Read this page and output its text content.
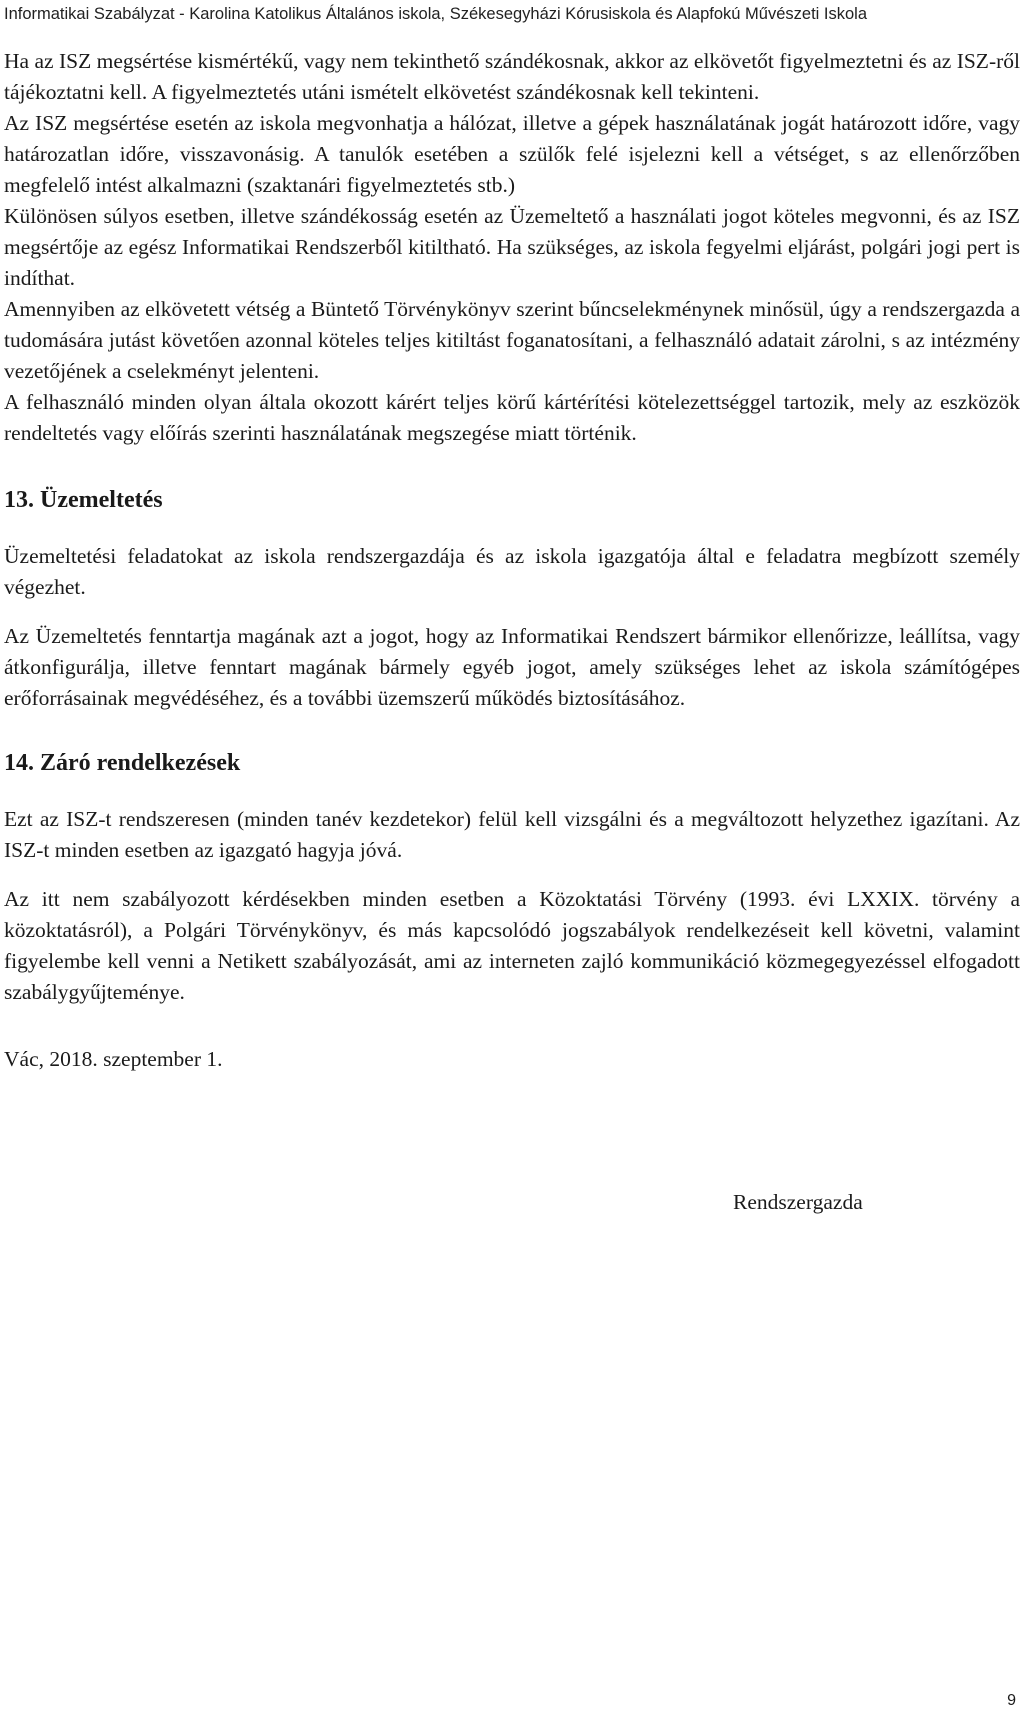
Informatikai Szabályzat - Karolina Katolikus Általános iskola, Székesegyházi Kórusiskola és Alapfokú Művészeti Iskola

Ha az ISZ megsértése kismértékű, vagy nem tekinthető szándékosnak, akkor az elkövetőt figyelmeztetni és az ISZ-ről tájékoztatni kell. A figyelmeztetés utáni ismételt elkövetést szándékosnak kell tekinteni.

Az ISZ megsértése esetén az iskola megvonhatja a hálózat, illetve a gépek használatának jogát határozott időre, vagy határozatlan időre, visszavonásig. A tanulók esetében a szülők felé isjelezni kell a vétséget, s az ellenőrzőben megfelelő intést alkalmazni (szaktanári figyelmeztetés stb.)

Különösen súlyos esetben, illetve szándékosság esetén az Üzemeltető a használati jogot köteles megvonni, és az ISZ megsértője az egész Informatikai Rendszerből kitiltható. Ha szükséges, az iskola fegyelmi eljárást, polgári jogi pert is indíthat.

Amennyiben az elkövetett vétség a Büntető Törvénykönyv szerint bűncselekménynek minősül, úgy a rendszergazda a tudomására jutást követően azonnal köteles teljes kitiltást foganatosítani, a felhasználó adatait zárolni, s az intézmény vezetőjének a cselekményt jelenteni.

A felhasználó minden olyan általa okozott kárért teljes körű kártérítési kötelezettséggel tartozik, mely az eszközök rendeltetés vagy előírás szerinti használatának megszegése miatt történik.

13. Üzemeltetés

Üzemeltetési feladatokat az iskola rendszergazdája és az iskola igazgatója által e feladatra megbízott személy végezhet.

Az Üzemeltetés fenntartja magának azt a jogot, hogy az Informatikai Rendszert bármikor ellenőrizze, leállítsa, vagy átkonfigurálja, illetve fenntart magának bármely egyéb jogot, amely szükséges lehet az iskola számítógépes erőforrásainak megvédéséhez, és a további üzemszerű működés biztosításához.

14. Záró rendelkezések

Ezt az ISZ-t rendszeresen (minden tanév kezdetekor) felül kell vizsgálni és a megváltozott helyzethez igazítani. Az ISZ-t minden esetben az igazgató hagyja jóvá.

Az itt nem szabályozott kérdésekben minden esetben a Közoktatási Törvény (1993. évi LXXIX. törvény a közoktatásról), a Polgári Törvénykönyv, és más kapcsolódó jogszabályok rendelkezéseit kell követni, valamint figyelembe kell venni a Netikett szabályozását, ami az interneten zajló kommunikáció közmegegyezéssel elfogadott szabálygyűjteménye.

Vác, 2018. szeptember 1.

Rendszergazda
9
